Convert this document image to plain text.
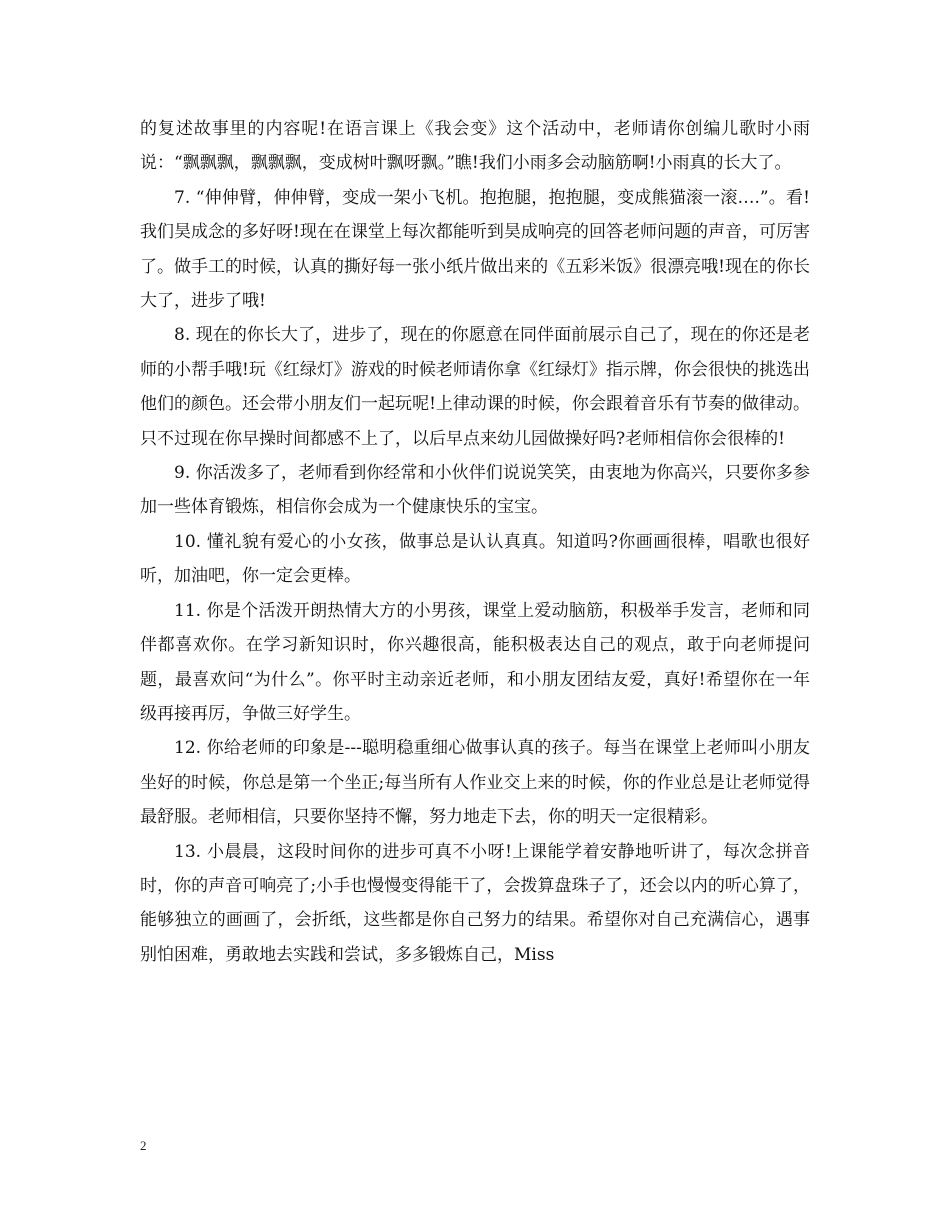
的复述故事里的内容呢!在语言课上《我会变》这个活动中，老师请你创编儿歌时小雨说：“飘飘飘，飘飘飘，变成树叶飘呀飘。”瞧!我们小雨多会动脑筋啊!小雨真的长大了。

7. “伸伸臂，伸伸臂，变成一架小飞机。抱抱腿，抱抱腿，变成熊猫滚一滚….”。看!我们昊成念的多好呀!现在在课堂上每次都能听到昊成响亮的回答老师问题的声音，可厉害了。做手工的时候，认真的撕好每一张小纸片做出来的《五彩米饭》很漂亮哦!现在的你长大了，进步了哦!

8. 现在的你长大了，进步了，现在的你愿意在同伴面前展示自己了，现在的你还是老师的小帮手哦!玩《红绿灯》游戏的时候老师请你拿《红绿灯》指示牌，你会很快的挑选出他们的颜色。还会带小朋友们一起玩呢!上律动课的时候，你会跟着音乐有节奏的做律动。只不过现在你早操时间都感不上了，以后早点来幼儿园做操好吗?老师相信你会很棒的!

9. 你活泼多了，老师看到你经常和小伙伴们说说笑笑，由衷地为你高兴，只要你多参加一些体育锻炼，相信你会成为一个健康快乐的宝宝。

10. 懂礼貌有爱心的小女孩，做事总是认认真真。知道吗?你画画很棒，唱歌也很好听，加油吧，你一定会更棒。

11. 你是个活泼开朗热情大方的小男孩，课堂上爱动脑筋，积极举手发言，老师和同伴都喜欢你。在学习新知识时，你兴趣很高，能积极表达自己的观点，敢于向老师提问题，最喜欢问“为什么”。你平时主动亲近老师，和小朋友团结友爱，真好!希望你在一年级再接再厉，争做三好学生。

12. 你给老师的印象是---聪明稳重细心做事认真的孩子。每当在课堂上老师叫小朋友坐好的时候，你总是第一个坐正;每当所有人作业交上来的时候，你的作业总是让老师觉得最舒服。老师相信，只要你坚持不懈，努力地走下去，你的明天一定很精彩。

13. 小晨晨，这段时间你的进步可真不小呀!上课能学着安静地听讲了，每次念拼音时，你的声音可响亮了;小手也慢慢变得能干了，会拨算盘珠子了，还会以内的听心算了，能够独立的画画了，会折纸，这些都是你自己努力的结果。希望你对自己充满信心，遇事别怕困难，勇敢地去实践和尝试，多多锻炼自己，Miss

2
